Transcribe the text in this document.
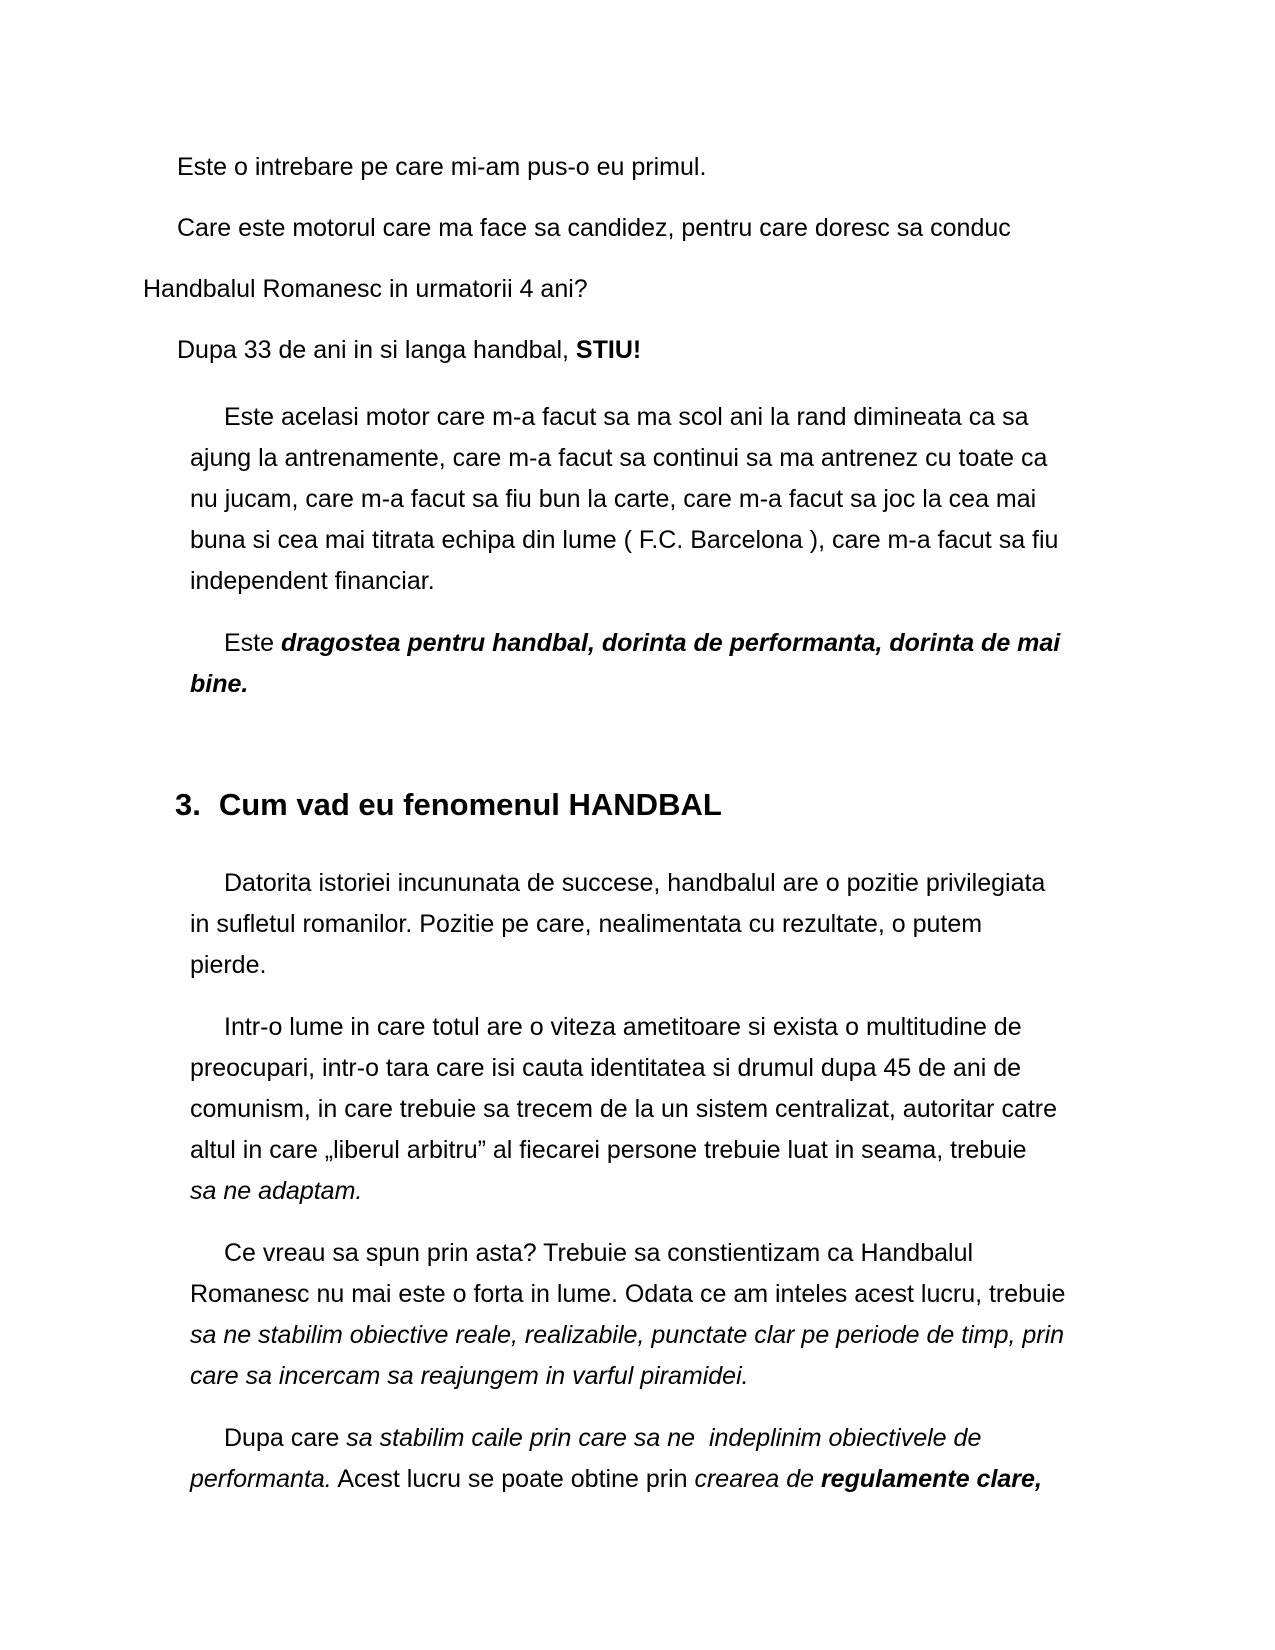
Este o intrebare pe care mi-am pus-o eu primul.
Care este motorul care ma face sa candidez, pentru care doresc sa conduc
Handbalul Romanesc in urmatorii 4 ani?
Dupa 33 de ani in si langa handbal, STIU!
Este acelasi motor care m-a facut sa ma scol ani la rand dimineata ca sa
ajung la antrenamente, care m-a facut sa continui sa ma antrenez cu toate ca
nu jucam, care m-a facut sa fiu bun la carte, care m-a facut sa joc la cea mai
buna si cea mai titrata echipa din lume ( F.C. Barcelona ), care m-a facut sa fiu
independent financiar.
Este dragostea pentru handbal, dorinta de performanta, dorinta de mai
bine.
3. Cum vad eu fenomenul HANDBAL
Datorita istoriei incununata de succese, handbalul are o pozitie privilegiata
in sufletul romanilor. Pozitie pe care, nealimentata cu rezultate, o putem
pierde.
Intr-o lume in care totul are o viteza ametitoare si exista o multitudine de
preocupari, intr-o tara care isi cauta identitatea si drumul dupa 45 de ani de
comunism, in care trebuie sa trecem de la un sistem centralizat, autoritar catre
altul in care „liberul arbitru” al fiecarei persone trebuie luat in seama, trebuie
sa ne adaptam.
Ce vreau sa spun prin asta? Trebuie sa constientizam ca Handbalul
Romanesc nu mai este o forta in lume. Odata ce am inteles acest lucru, trebuie
sa ne stabilim obiective reale, realizabile, punctate clar pe periode de timp, prin
care sa incercam sa reajungem in varful piramidei.
Dupa care sa stabilim caile prin care sa ne  indeplinim obiectivele de
performanta. Acest lucru se poate obtine prin crearea de regulamente clare,
